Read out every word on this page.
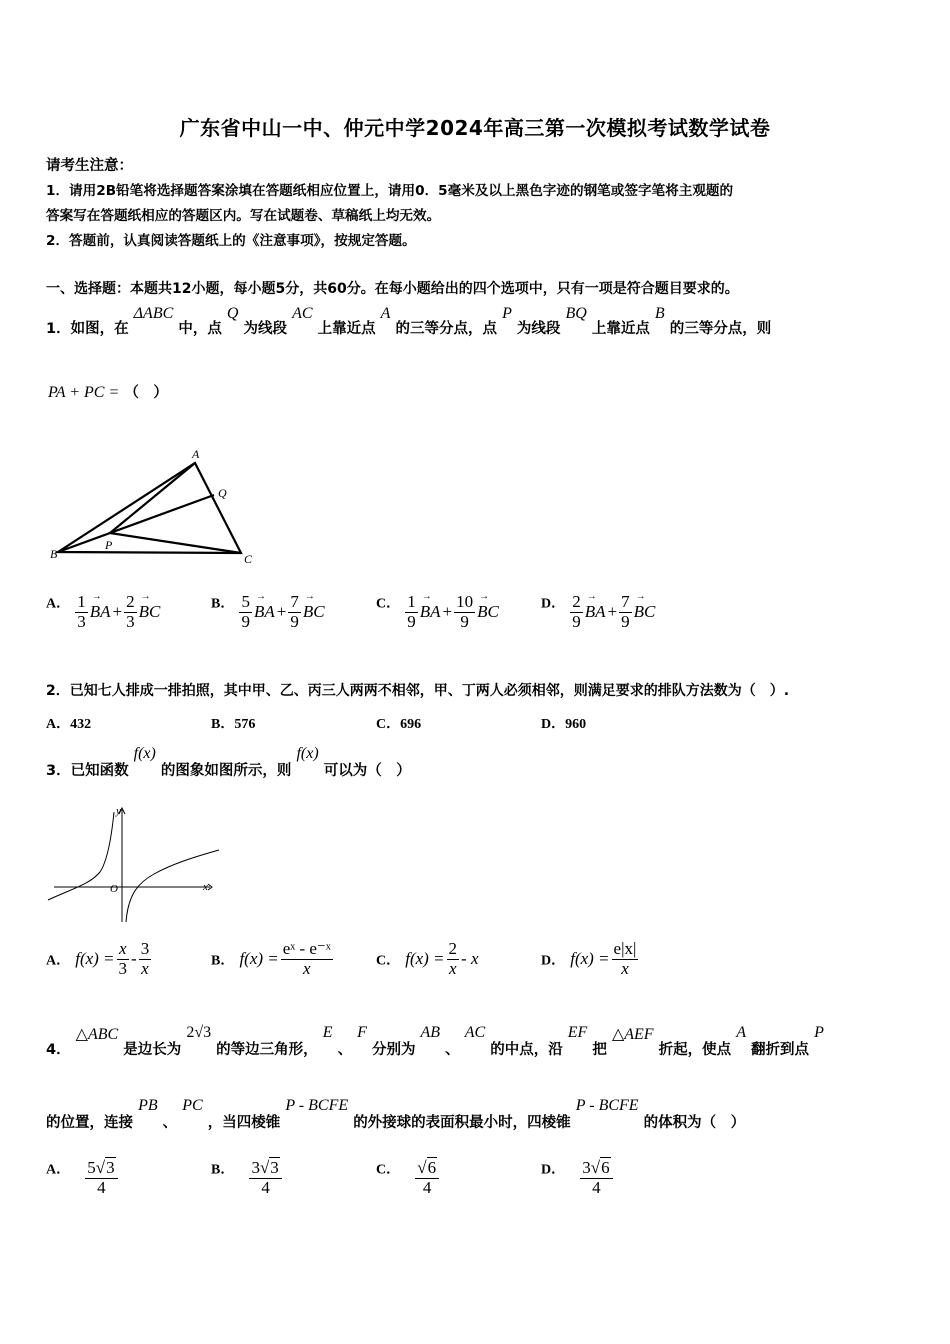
广东省中山一中、仲元中学2024年高三第一次模拟考试数学试卷
请考生注意：
1．请用2B铅笔将选择题答案涂填在答题纸相应位置上，请用0．5毫米及以上黑色字迹的钢笔或签字笔将主观题的
答案写在答题纸相应的答题区内。写在试题卷、草稿纸上均无效。
2．答题前，认真阅读答题纸上的《注意事项》，按规定答题。
一、选择题：本题共12小题，每小题5分，共60分。在每小题给出的四个选项中，只有一项是符合题目要求的。
1．如图，在 ΔABC 中，点 Q 为线段 AC 上靠近点 A 的三等分点，点 P 为线段 BQ 上靠近点 B 的三等分点，则
PA + PC = （　）
A
Q
B
P
C
A． $\frac{1}{3}$ → BA + $\frac{2}{3}$ → BC	B． $\frac{5}{9}$ → BA + $\frac{7}{9}$ → BC	C． $\frac{1}{9}$ → BA + $\frac{10}{9}$ → BC	D． $\frac{2}{9}$ → BA + $\frac{7}{9}$ → BC
2．已知七人排成一排拍照，其中甲、乙、丙三人两两不相邻，甲、丁两人必须相邻，则满足要求的排队方法数为（　）.
A．432	B．576	C．696	D．960
3．已知函数 f(x) 的图象如图所示，则 f(x) 可以为（　）
y
x
O
A． $f(x) = \frac{x}{3} - \frac{3}{x}$	B． $f(x) = \frac{\text{eˣ - e⁻ˣ}}{x}$	C． $f(x) = \frac{2}{x} - x$	D． $f(x) = \frac{e|x|}{x}$
4． △ABC 是边长为 2√3 的等边三角形， E 、 F 分别为 AB 、 AC 的中点，沿 EF 把 △AEF 折起，使点 A 翻折到点 P
的位置，连接 PB 、 PC ，当四棱锥 P - BCFE 的外接球的表面积最小时，四棱锥 P - BCFE 的体积为（　）
A． $\frac{5√3}{4}$	B． $\frac{3√3}{4}$	C． $\frac{√6}{4}$	D． $\frac{3√6}{4}$
